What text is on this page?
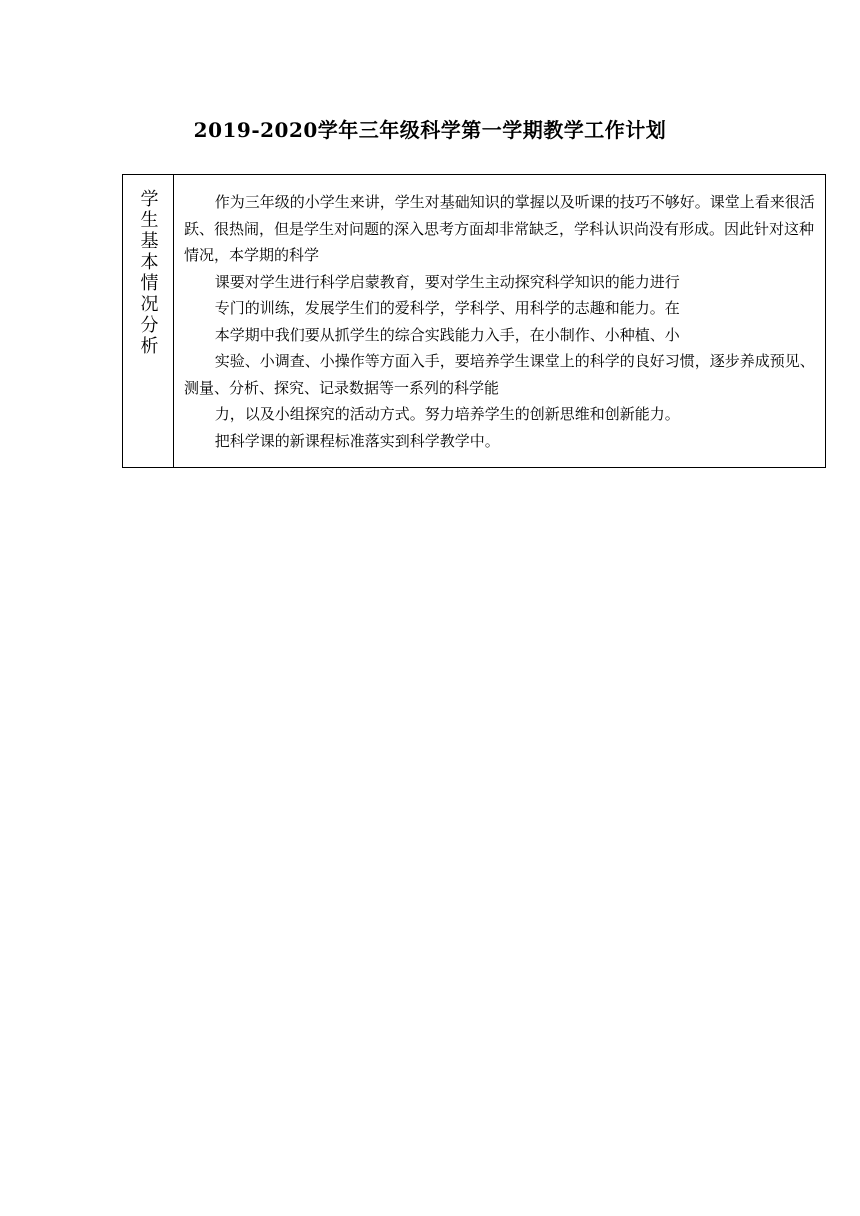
2019-2020学年三年级科学第一学期教学工作计划
学生基本情况分析	作为三年级的小学生来讲，学生对基础知识的掌握以及听课的技巧不够好。课堂上看来很活跃、很热闹，但是学生对问题的深入思考方面却非常缺乏，学科认识尚没有形成。因此针对这种情况，本学期的科学

课要对学生进行科学启蒙教育，要对学生主动探究科学知识的能力进行

专门的训练，发展学生们的爱科学，学科学、用科学的志趣和能力。在

本学期中我们要从抓学生的综合实践能力入手，在小制作、小种植、小

实验、小调查、小操作等方面入手，要培养学生课堂上的科学的良好习惯，逐步养成预见、测量、分析、探究、记录数据等一系列的科学能

力，以及小组探究的活动方式。努力培养学生的创新思维和创新能力。

把科学课的新课程标准落实到科学教学中。
